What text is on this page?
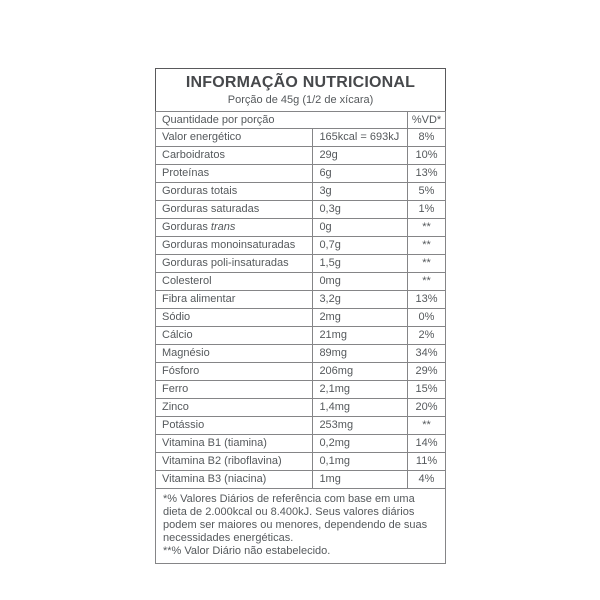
INFORMAÇÃO NUTRICIONAL
Porção de 45g (1/2 de xícara)		

Quantidade por porção		%VD*
Valor energético	165kcal = 693kJ	8%
Carboidratos	29g	10%
Proteínas	6g	13%
Gorduras totais	3g	5%
Gorduras saturadas	0,3g	1%
Gorduras trans	0g	**
Gorduras monoinsaturadas	0,7g	**
Gorduras poli-insaturadas	1,5g	**
Colesterol	0mg	**
Fibra alimentar	3,2g	13%
Sódio	2mg	0%
Cálcio	21mg	2%
Magnésio	89mg	34%
Fósforo	206mg	29%
Ferro	2,1mg	15%
Zinco	1,4mg	20%
Potássio	253mg	**
Vitamina B1 (tiamina)	0,2mg	14%
Vitamina B2 (riboflavina)	0,1mg	11%
Vitamina B3 (niacina)	1mg	4%

*% Valores Diários de referência com base em uma dieta de 2.000kcal ou 8.400kJ. Seus valores diários podem ser maiores ou menores, dependendo de suas necessidades energéticas.

**% Valor Diário não estabelecido.		
